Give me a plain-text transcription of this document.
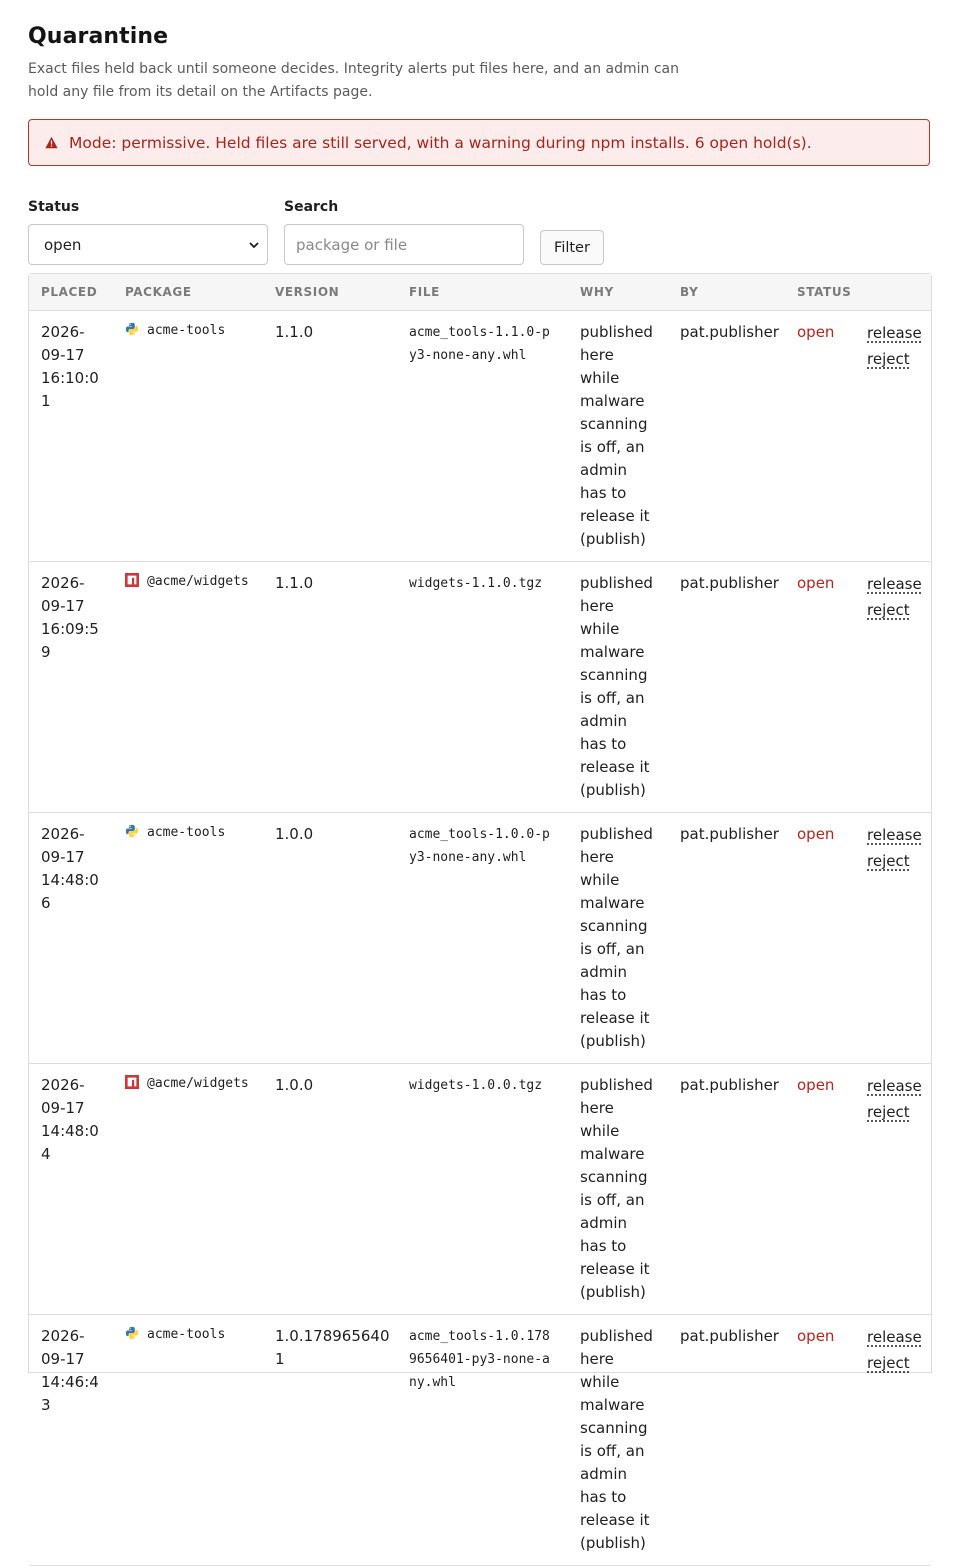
Quarantine
Exact files held back until someone decides. Integrity alerts put files here, and an admin can hold any file from its detail on the Artifacts page.
Mode: permissive. Held files are still served, with a warning during npm installs. 6 open hold(s).
Status
open
Search
package or file
Filter
PLACED	PACKAGE	VERSION	FILE	WHY	BY	STATUS	
2026-09-17 16:10:01	acme-tools	1.1.0	acme_tools-1.1.0-py3-none-any.whl	published here while malware scanning is off, an admin has to release it (publish)	pat.publisher	open	release
reject

2026-09-17 16:09:59	@acme/widgets	1.1.0	widgets-1.1.0.tgz	published here while malware scanning is off, an admin has to release it (publish)	pat.publisher	open	release
reject

2026-09-17 14:48:06	acme-tools	1.0.0	acme_tools-1.0.0-py3-none-any.whl	published here while malware scanning is off, an admin has to release it (publish)	pat.publisher	open	release
reject

2026-09-17 14:48:04	@acme/widgets	1.0.0	widgets-1.0.0.tgz	published here while malware scanning is off, an admin has to release it (publish)	pat.publisher	open	release
reject

2026-09-17 14:46:43	acme-tools	1.0.1789656401	acme_tools-1.0.1789656401-py3-none-any.whl	published here while malware scanning is off, an admin has to release it (publish)	pat.publisher	open	release
reject
